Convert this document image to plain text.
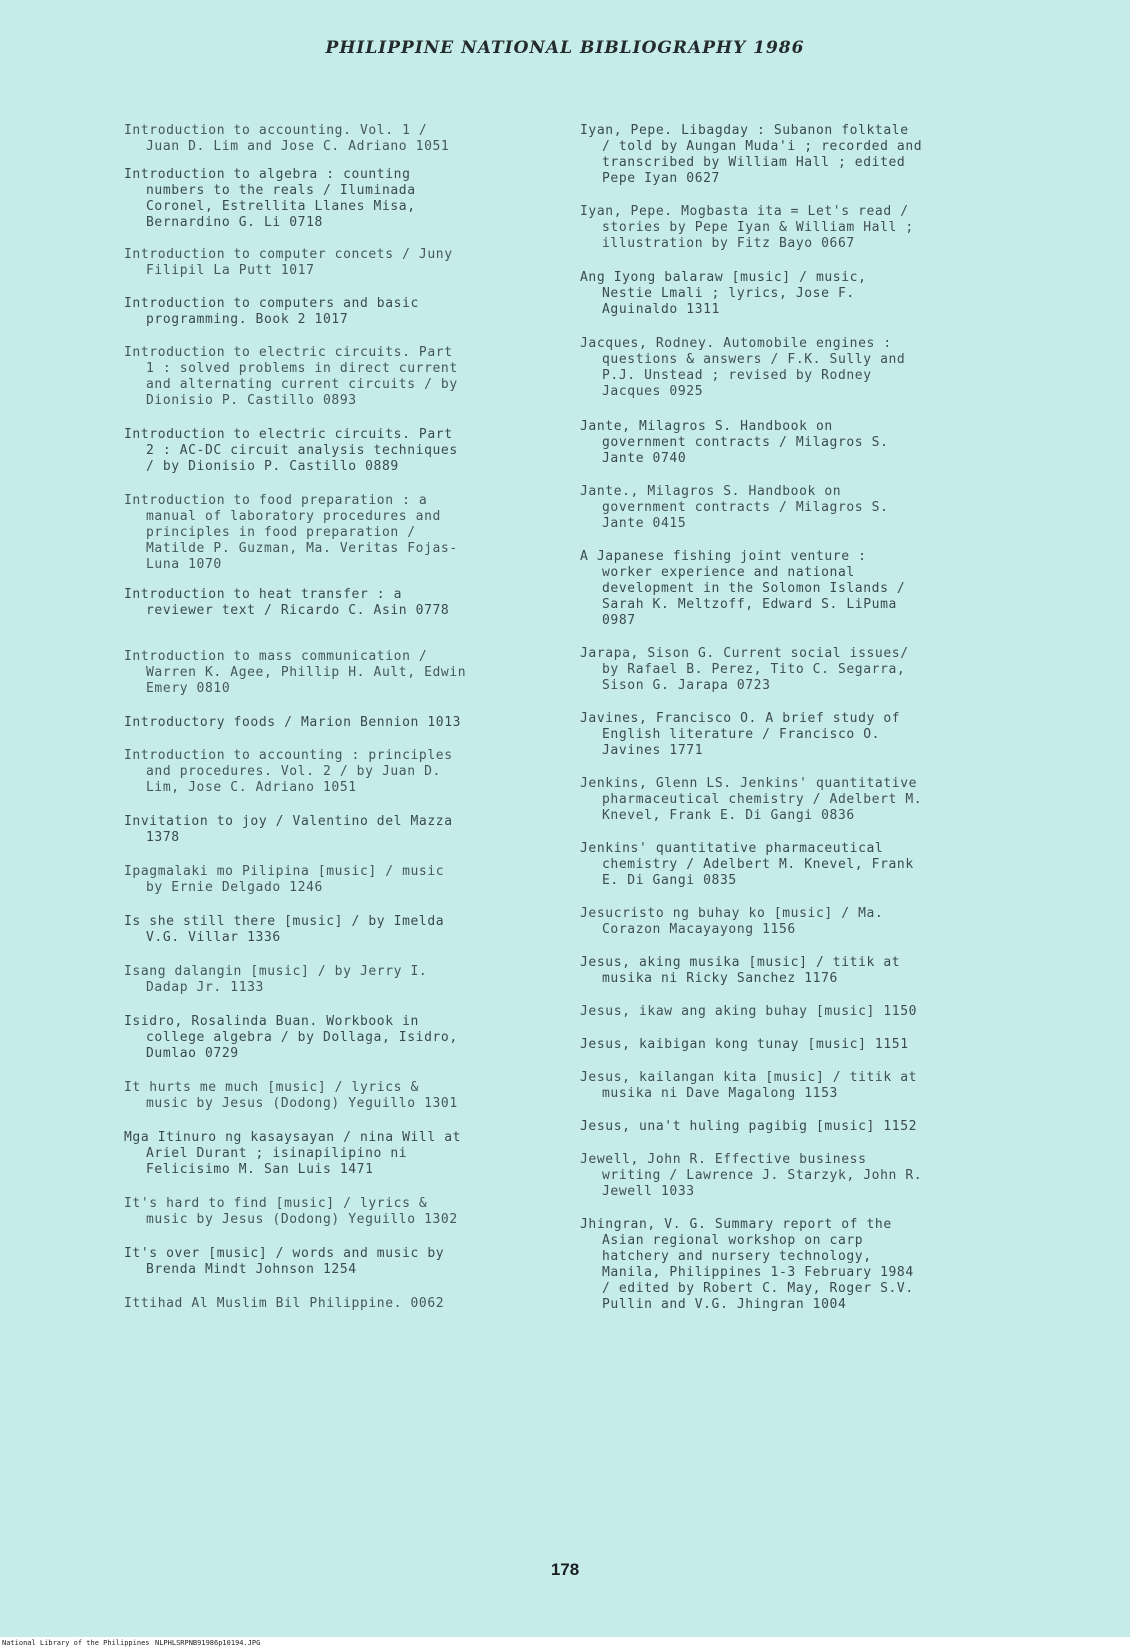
PHILIPPINE NATIONAL BIBLIOGRAPHY 1986
Introduction to accounting. Vol. 1 /
Juan D. Lim and Jose C. Adriano 1051
Introduction to algebra : counting
numbers to the reals / Iluminada
Coronel, Estrellita Llanes Misa,
Bernardino G. Li 0718
Introduction to computer concets / Juny
Filipil La Putt 1017
Introduction to computers and basic
programming. Book 2 1017
Introduction to electric circuits. Part
1 : solved problems in direct current
and alternating current circuits / by
Dionisio P. Castillo 0893
Introduction to electric circuits. Part
2 : AC-DC circuit analysis techniques
/ by Dionisio P. Castillo 0889
Introduction to food preparation : a
manual of laboratory procedures and
principles in food preparation /
Matilde P. Guzman, Ma. Veritas Fojas-
Luna 1070
Introduction to heat transfer : a
reviewer text / Ricardo C. Asin 0778
Introduction to mass communication /
Warren K. Agee, Phillip H. Ault, Edwin
Emery 0810
Introductory foods / Marion Bennion 1013
Introduction to accounting : principles
and procedures. Vol. 2 / by Juan D.
Lim, Jose C. Adriano 1051
Invitation to joy / Valentino del Mazza
1378
Ipagmalaki mo Pilipina [music] / music
by Ernie Delgado 1246
Is she still there [music] / by Imelda
V.G. Villar 1336
Isang dalangin [music] / by Jerry I.
Dadap Jr. 1133
Isidro, Rosalinda Buan. Workbook in
college algebra / by Dollaga, Isidro,
Dumlao 0729
It hurts me much [music] / lyrics &
music by Jesus (Dodong) Yeguillo 1301
Mga Itinuro ng kasaysayan / nina Will at
Ariel Durant ; isinapilipino ni
Felicisimo M. San Luis 1471
It's hard to find [music] / lyrics &
music by Jesus (Dodong) Yeguillo 1302
It's over [music] / words and music by
Brenda Mindt Johnson 1254
Ittihad Al Muslim Bil Philippine. 0062
Iyan, Pepe. Libagday : Subanon folktale
/ told by Aungan Muda'i ; recorded and
transcribed by William Hall ; edited
Pepe Iyan 0627
Iyan, Pepe. Mogbasta ita = Let's read /
stories by Pepe Iyan & William Hall ;
illustration by Fitz Bayo 0667
Ang Iyong balaraw [music] / music,
Nestie Lmali ; lyrics, Jose F.
Aguinaldo 1311
Jacques, Rodney. Automobile engines :
questions & answers / F.K. Sully and
P.J. Unstead ; revised by Rodney
Jacques 0925
Jante, Milagros S. Handbook on
government contracts / Milagros S.
Jante 0740
Jante., Milagros S. Handbook on
government contracts / Milagros S.
Jante 0415
A Japanese fishing joint venture :
worker experience and national
development in the Solomon Islands /
Sarah K. Meltzoff, Edward S. LiPuma
0987
Jarapa, Sison G. Current social issues/
by Rafael B. Perez, Tito C. Segarra,
Sison G. Jarapa 0723
Javines, Francisco O. A brief study of
English literature / Francisco O.
Javines 1771
Jenkins, Glenn LS. Jenkins' quantitative
pharmaceutical chemistry / Adelbert M.
Knevel, Frank E. Di Gangi 0836
Jenkins' quantitative pharmaceutical
chemistry / Adelbert M. Knevel, Frank
E. Di Gangi 0835
Jesucristo ng buhay ko [music] / Ma.
Corazon Macayayong 1156
Jesus, aking musika [music] / titik at
musika ni Ricky Sanchez 1176
Jesus, ikaw ang aking buhay [music] 1150
Jesus, kaibigan kong tunay [music] 1151
Jesus, kailangan kita [music] / titik at
musika ni Dave Magalong 1153
Jesus, una't huling pagibig [music] 1152
Jewell, John R. Effective business
writing / Lawrence J. Starzyk, John R.
Jewell 1033
Jhingran, V. G. Summary report of the
Asian regional workshop on carp
hatchery and nursery technology,
Manila, Philippines 1-3 February 1984
/ edited by Robert C. May, Roger S.V.
Pullin and V.G. Jhingran 1004
178
National Library of the Philippines NLPHLSRPNB91986p10194.JPG
